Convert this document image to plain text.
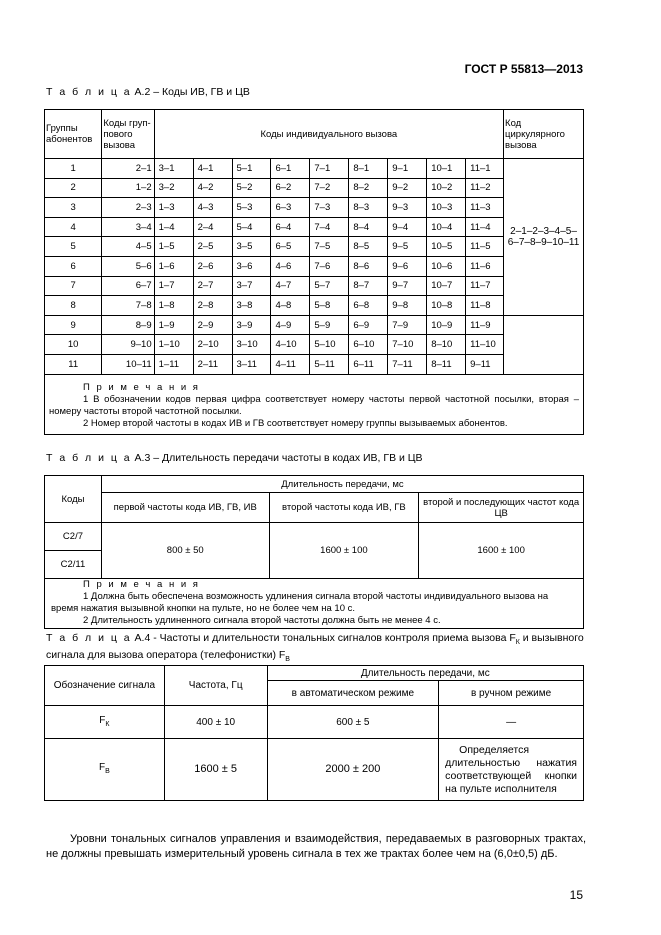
ГОСТ Р 55813—2013
Т а б л и ц а А.2 – Коды ИВ, ГВ и ЦВ
Группы абонентов	Коды груп-пового вызова	Коды индивидуального вызова									Код циркулярного вызова
1	2–1	3–1	4–1	5–1	6–1	7–1	8–1	9–1	10–1	11–1	2–1–2–3–4–5–6–7–8–9–10–11
2	1–2	3–2	4–2	5–2	6–2	7–2	8–2	9–2	10–2	11–2	
3	2–3	1–3	4–3	5–3	6–3	7–3	8–3	9–3	10–3	11–3	
4	3–4	1–4	2–4	5–4	6–4	7–4	8–4	9–4	10–4	11–4	
5	4–5	1–5	2–5	3–5	6–5	7–5	8–5	9–5	10–5	11–5	
6	5–6	1–6	2–6	3–6	4–6	7–6	8–6	9–6	10–6	11–6	
7	6–7	1–7	2–7	3–7	4–7	5–7	8–7	9–7	10–7	11–7	
8	7–8	1–8	2–8	3–8	4–8	5–8	6–8	9–8	10–8	11–8	
9	8–9	1–9	2–9	3–9	4–9	5–9	6–9	7–9	10–9	11–9	
10	9–10	1–10	2–10	3–10	4–10	5–10	6–10	7–10	8–10	11–10	
11	10–11	1–11	2–11	3–11	4–11	5–11	6–11	7–11	8–11	9–11	

П р и м е ч а н и я
1 В обозначении кодов первая цифра соответствует номеру частоты первой частотной посылки, вторая – номеру частоты второй частотной посылки.
2 Номер второй частоты в кодах ИВ и ГВ соответствует номеру группы вызываемых абонентов.											
Т а б л и ц а А.3 – Длительность передачи частоты в кодах ИВ, ГВ и ЦВ
Коды	Длительность передачи, мс		
	первой частоты кода ИВ, ГВ, ИВ	второй частоты кода ИВ, ГВ	второй и последующих частот кода ЦВ
С2/7	800 ± 50	1600 ± 100	1600 ± 100
С2/11			

П р и м е ч а н и я
1 Должна быть обеспечена возможность удлинения сигнала второй частоты индивидуального вызова на время нажатия вызывной кнопки на пульте, но не более чем на 10 с.
2 Длительность удлиненного сигнала второй частоты должна быть не менее 4 с.			
Т а б л и ц а А.4 - Частоты и длительности тональных сигналов контроля приема вызова $F_К$ и вызывного сигнала для вызова оператора (телефонистки) $F_В$
Обозначение сигнала	Частота, Гц	Длительность передачи, мс	
		в автоматическом режиме	в ручном режиме
$F_К$	400 ± 10	600 ± 5	—
$F_В$	1600 ± 5	2000 ± 200	Определяется длительностью нажатия соответствующей кнопки на пульте исполнителя
Уровни тональных сигналов управления и взаимодействия, передаваемых в разговорных трактах, не должны превышать измерительный уровень сигнала в тех же трактах более чем на (6,0±0,5) дБ.
15
